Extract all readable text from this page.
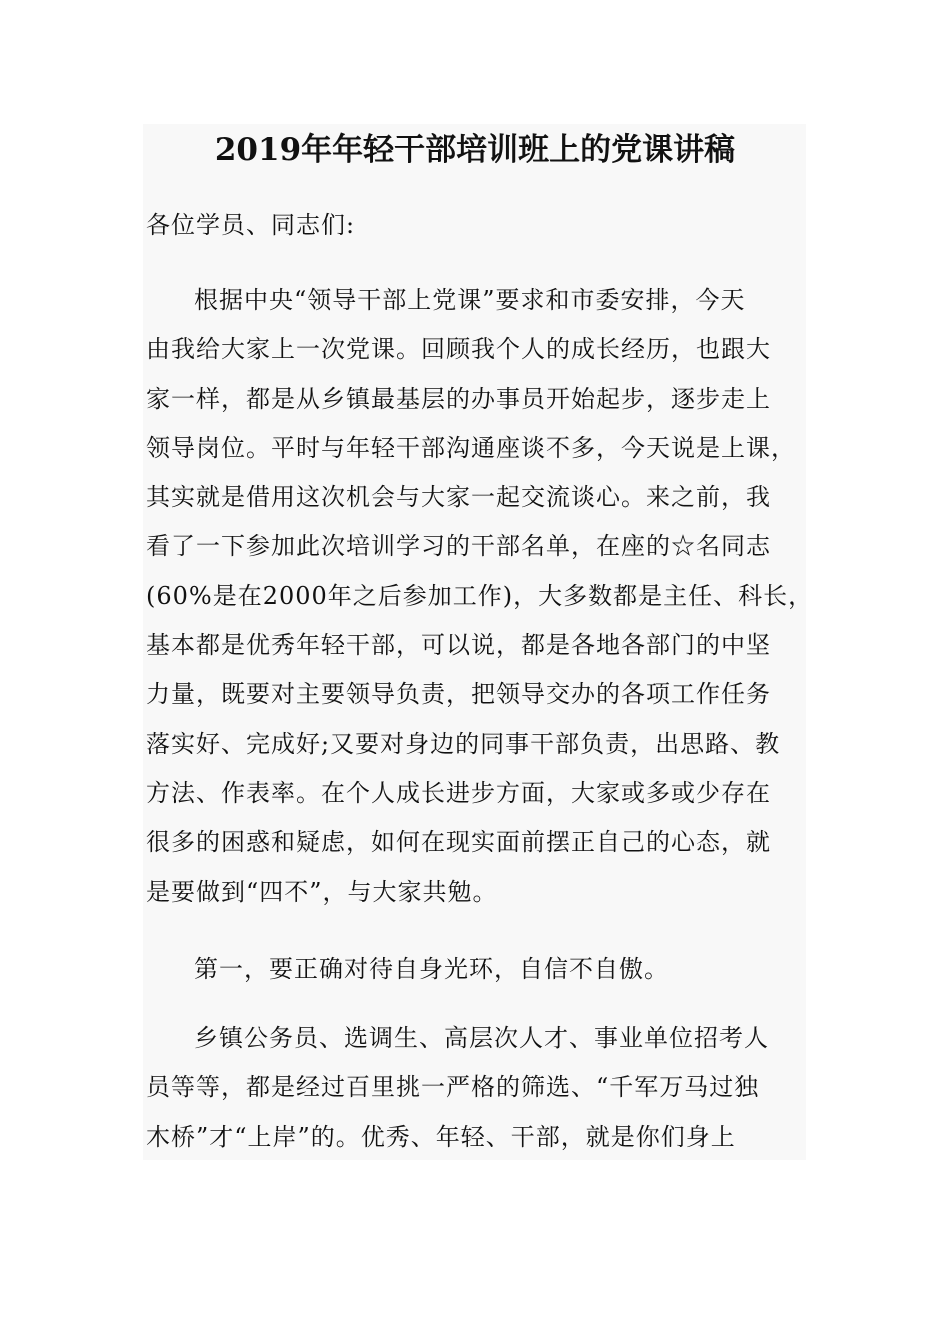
2019年年轻干部培训班上的党课讲稿

各位学员、同志们:

根据中央“领导干部上党课”要求和市委安排，今天
由我给大家上一次党课。回顾我个人的成长经历，也跟大
家一样，都是从乡镇最基层的办事员开始起步，逐步走上
领导岗位。平时与年轻干部沟通座谈不多，今天说是上课，
其实就是借用这次机会与大家一起交流谈心。来之前，我
看了一下参加此次培训学习的干部名单，在座的☆名同志
(60%是在2000年之后参加工作)，大多数都是主任、科长，
基本都是优秀年轻干部，可以说，都是各地各部门的中坚
力量，既要对主要领导负责，把领导交办的各项工作任务
落实好、完成好;又要对身边的同事干部负责，出思路、教
方法、作表率。在个人成长进步方面，大家或多或少存在
很多的困惑和疑虑，如何在现实面前摆正自己的心态，就
是要做到“四不”，与大家共勉。
第一，要正确对待自身光环，自信不自傲。
乡镇公务员、选调生、高层次人才、事业单位招考人
员等等，都是经过百里挑一严格的筛选、“千军万马过独
木桥”才“上岸”的。优秀、年轻、干部，就是你们身上
